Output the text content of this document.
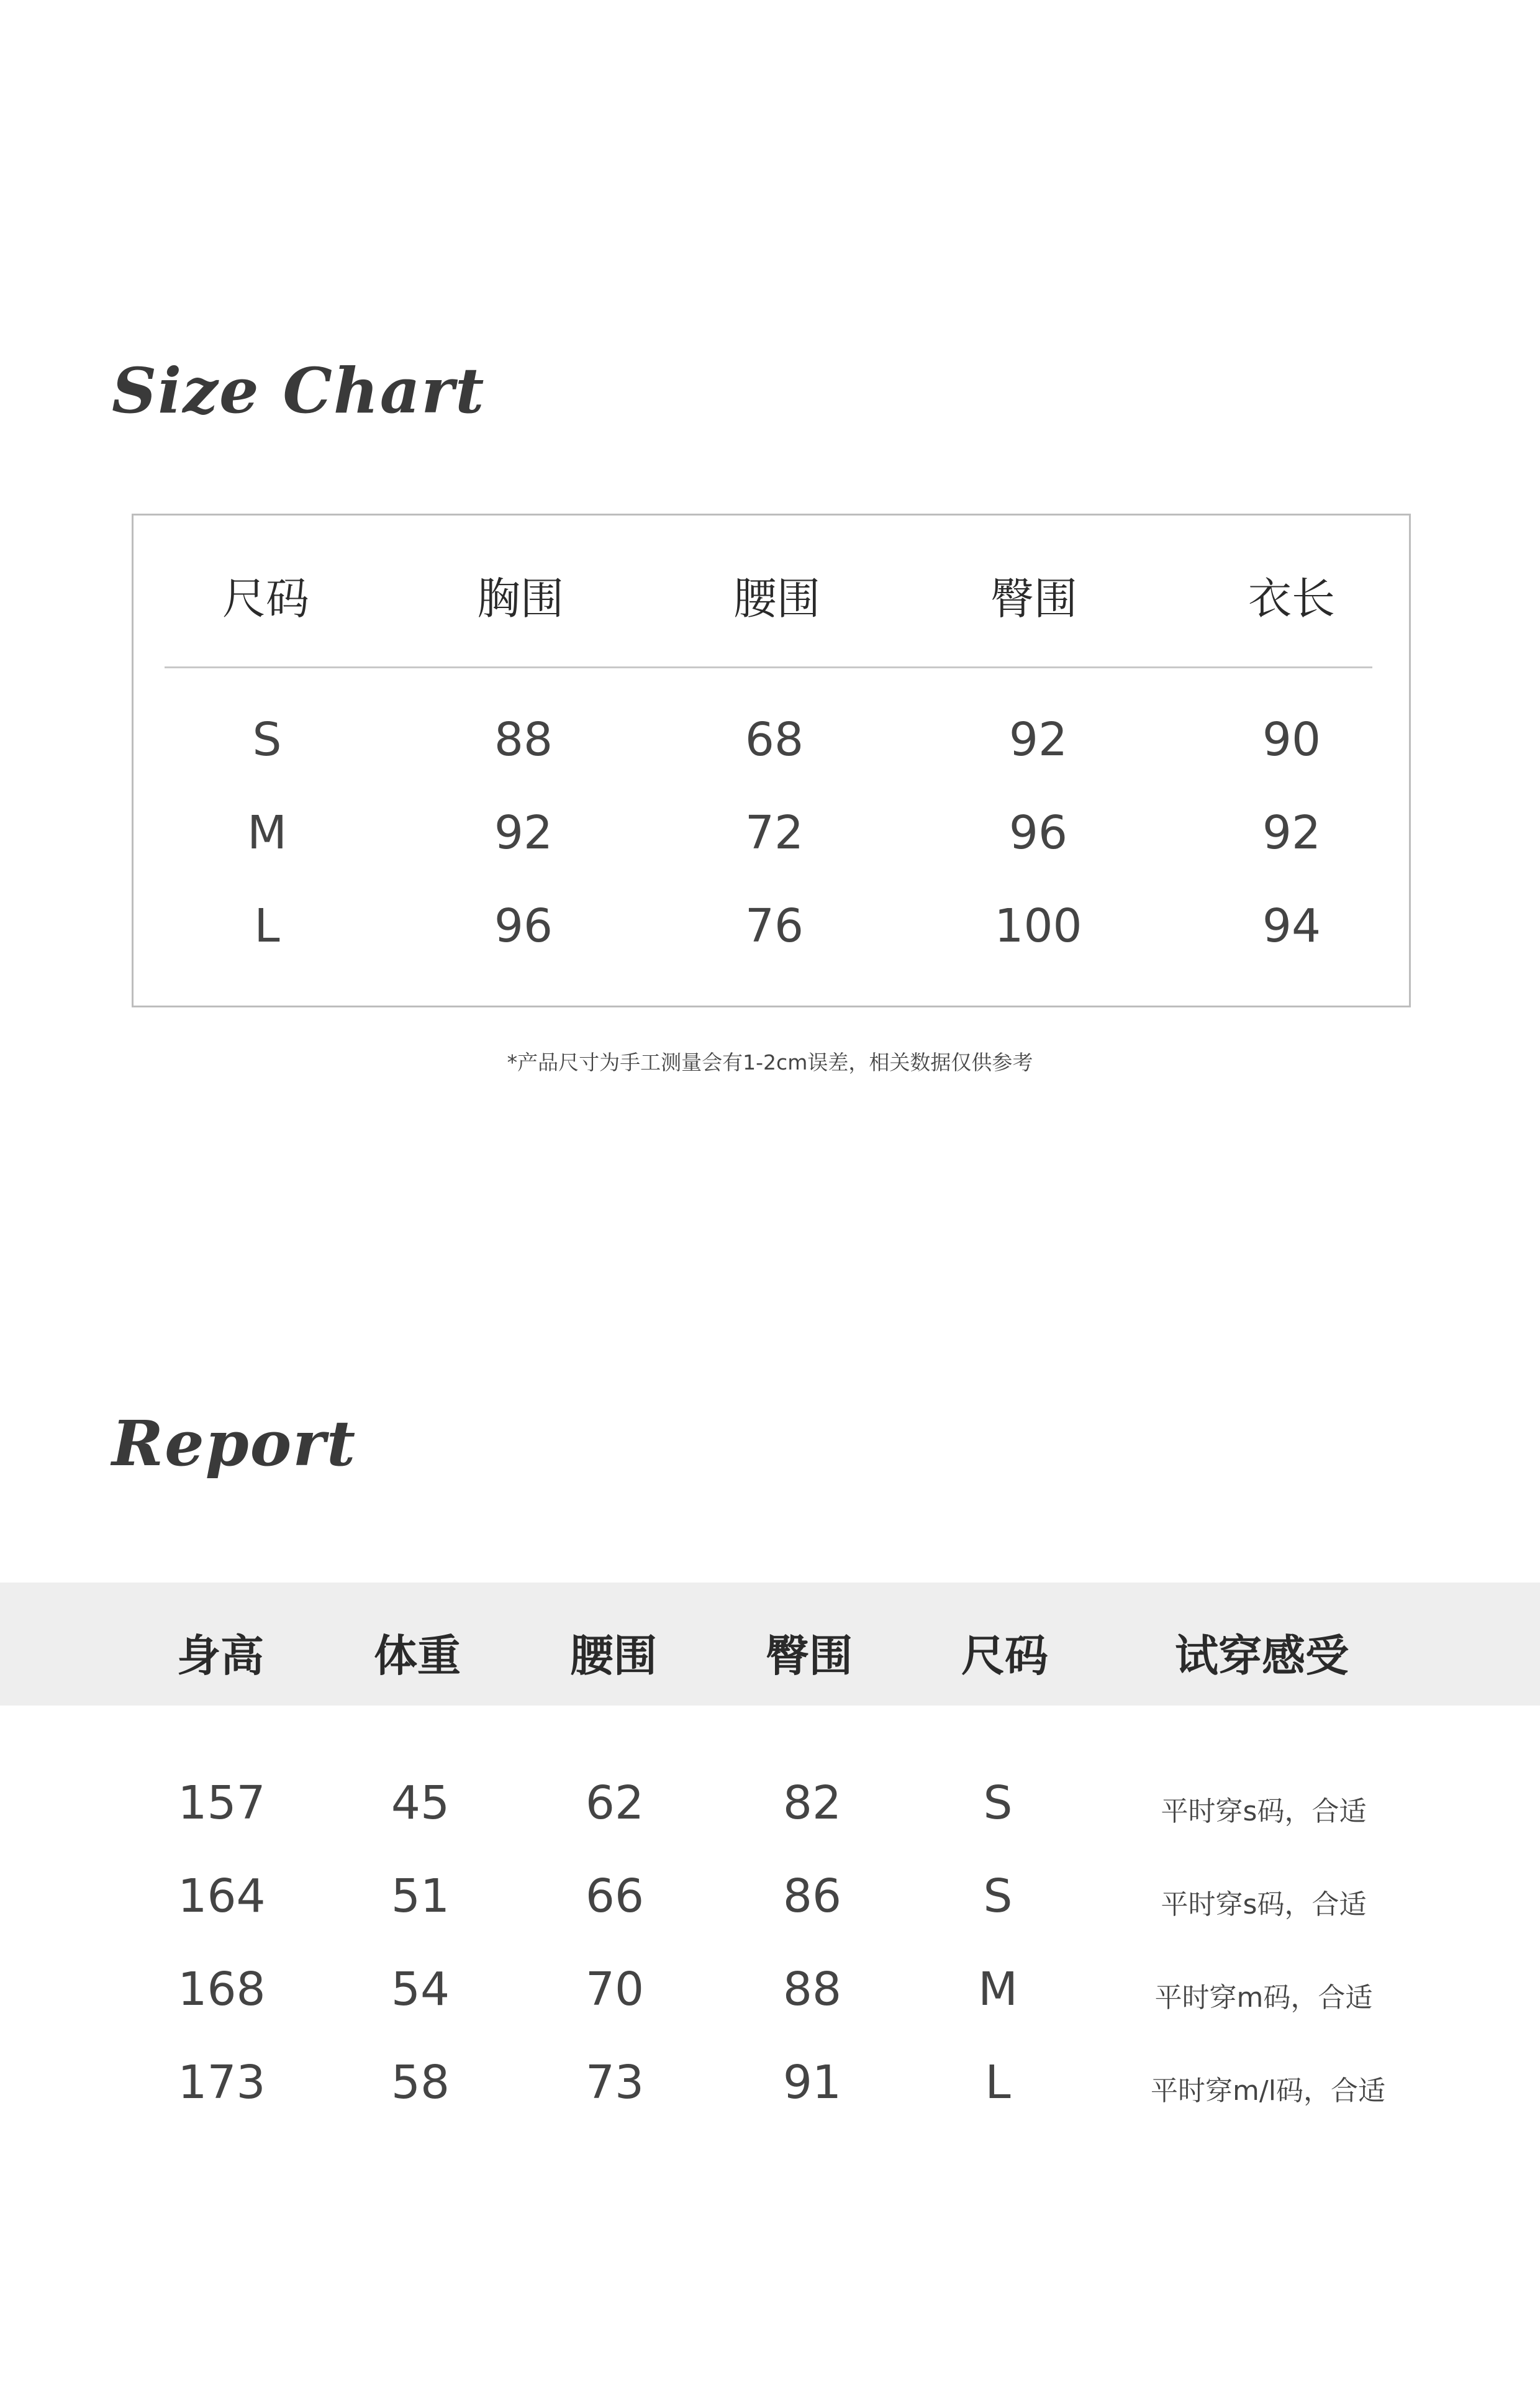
Size Chart
尺码	胸围	腰围	臀围	衣长
S	88	68	92	90
M	92	72	96	92
L	96	76	100	94
*产品尺寸为手工测量会有1-2cm误差，相关数据仅供参考
Report
身高	体重	腰围	臀围	尺码	试穿感受
157	45	62	82	S	平时穿s码，合适
164	51	66	86	S	平时穿s码，合适
168	54	70	88	M	平时穿m码，合适
173	58	73	91	L	平时穿m/l码，合适
